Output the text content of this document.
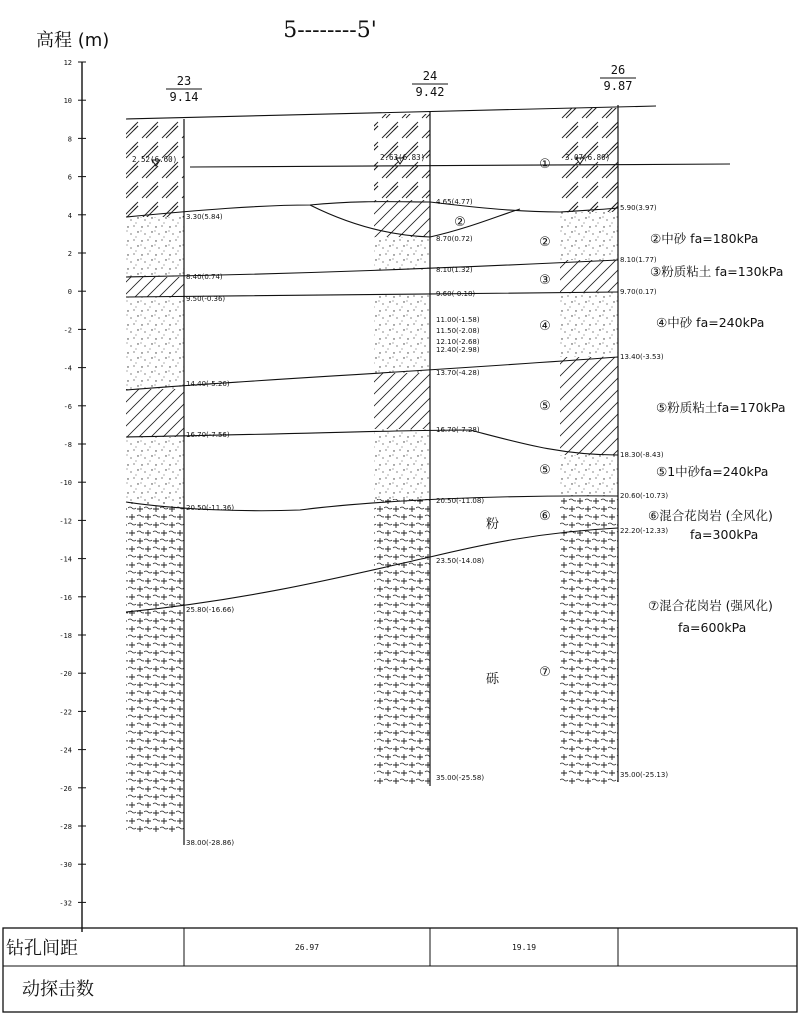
5--------5'
高程 (m)
12
10
8
6
4
2
0
-2
-4
-6
-8
-10
-12
-14
-16
-18
-20
-22
-24
-26
-28
-30
-32
23
9.14
24
9.42
26
9.87
2.52(6.60)	2.63(6.83)	3.07(6.80)
3.30(5.84)
8.40(0.74)
9.50(-0.36)
14.40(-5.26)
16.70(-7.56)
20.50(-11.36)
25.80(-16.66)
38.00(-28.86)
4.65(4.77)
8.70(0.72)
8.10(1.32)
9.60(-0.18)
11.00(-1.58)
11.50(-2.08)
12.10(-2.68)
12.40(-2.98)
13.70(-4.28)
16.70(-7.28)
20.50(-11.08)
23.50(-14.08)
35.00(-25.58)
5.90(3.97)
8.10(1.77)
9.70(0.17)
13.40(-3.53)
18.30(-8.43)
20.60(-10.73)
22.20(-12.33)
35.00(-25.13)
①
②
②
③
④
⑤
⑤
⑥
⑦
粉
砾
②中砂 fa=180kPa
③粉质粘土 fa=130kPa
④中砂 fa=240kPa
⑤粉质粘土fa=170kPa
⑤1中砂fa=240kPa
⑥混合花岗岩 (全风化)
fa=300kPa
⑦混合花岗岩 (强风化)
fa=600kPa
钻孔间距	26.97	19.19
动探击数
